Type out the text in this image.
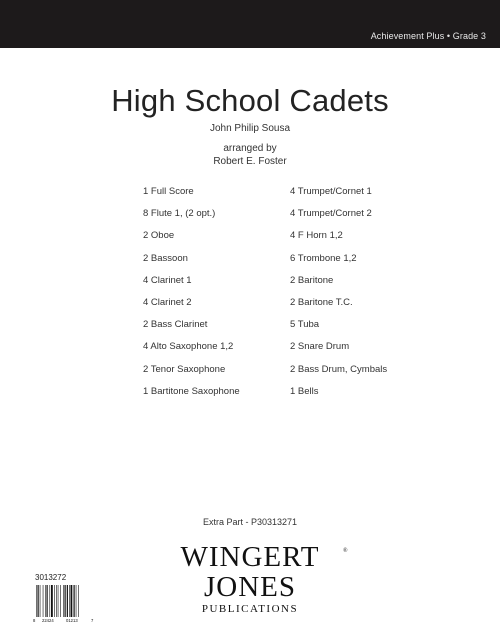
Achievement Plus • Grade 3
High School Cadets
John Philip Sousa
arranged by
Robert E. Foster
1 Full Score
8 Flute 1, (2 opt.)
2 Oboe
2 Bassoon
4 Clarinet 1
4 Clarinet 2
2 Bass Clarinet
4 Alto Saxophone 1,2
2 Tenor Saxophone
1 Bartitone Saxophone
4 Trumpet/Cornet 1
4 Trumpet/Cornet 2
4 F Horn 1,2
6 Trombone 1,2
2 Baritone
2 Baritone T.C.
5 Tuba
2 Snare Drum
2 Bass Drum, Cymbals
1 Bells
Extra Part - P30313271
WINGERT	®
JONES
PUBLICATIONS
3013272
8 22424	01213	7
